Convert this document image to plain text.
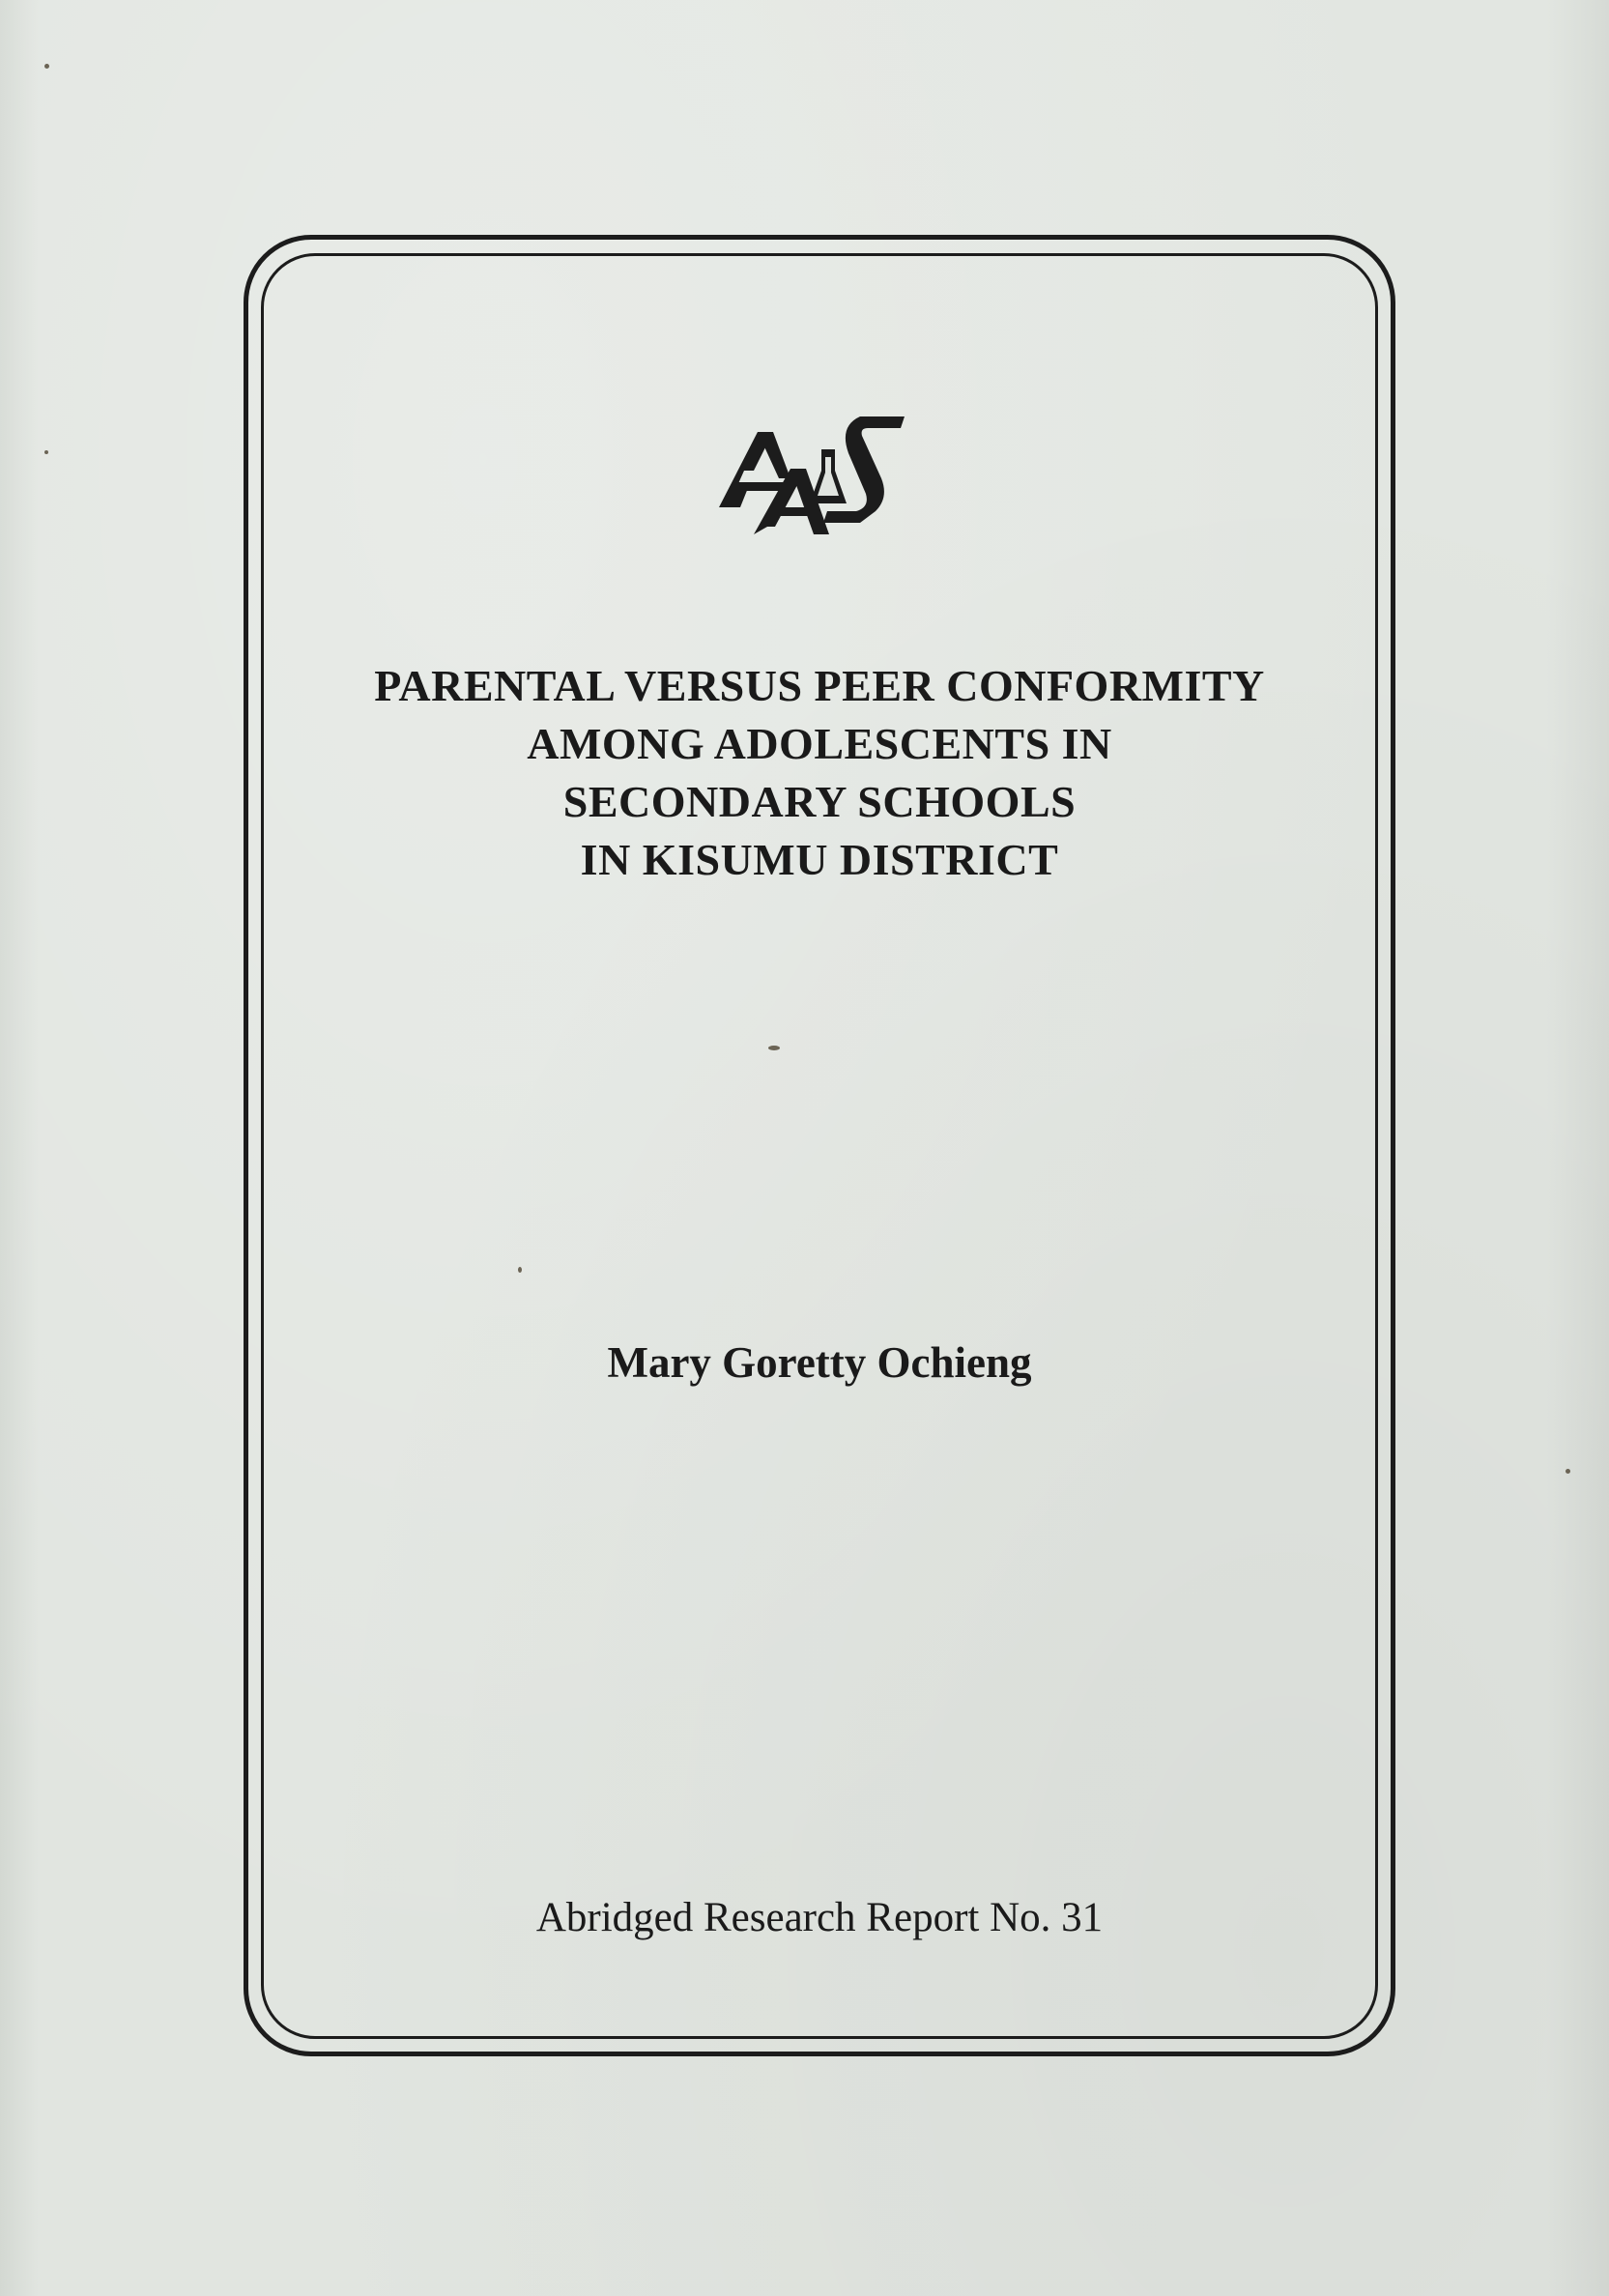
PARENTAL VERSUS PEER CONFORMITY
AMONG ADOLESCENTS IN
SECONDARY SCHOOLS
IN KISUMU DISTRICT
Mary Goretty Ochieng
Abridged Research Report No. 31
